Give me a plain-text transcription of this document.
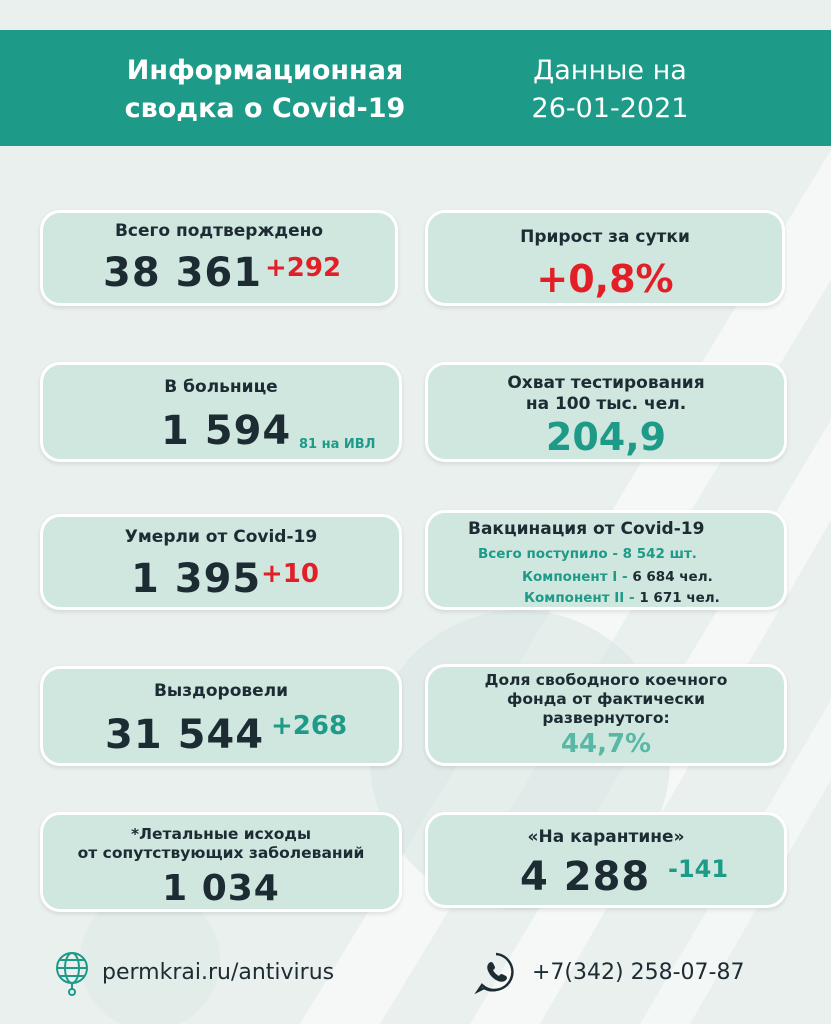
Информационная
сводка о Covid-19
Данные на
26-01-2021
Всего подтверждено
38 361 +292
Прирост за сутки
+0,8%
В больнице
1 594 81 на ИВЛ
Охват тестирования
на 100 тыс. чел.
204,9
Умерли от Covid-19
1 395 +10
Вакцинация от Covid-19
Всего поступило - 8 542 шт.
Компонент I - 6 684 чел.
Компонент II - 1 671 чел.
Выздоровели
31 544 +268
Доля свободного коечного
фонда от фактически
развернутого:
44,7%
*Летальные исходы
от сопутствующих заболеваний
1 034
«На карантине»
4 288 -141
permkrai.ru/antivirus	+7(342) 258-07-87
